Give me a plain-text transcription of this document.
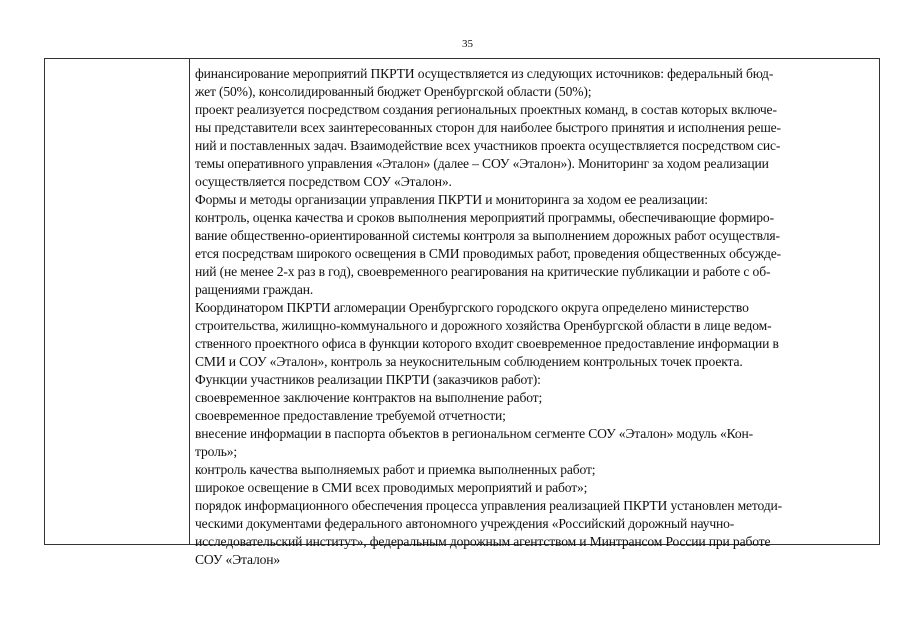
35
финансирование мероприятий ПКРТИ осуществляется из следующих источников: федеральный бюд-
жет (50%), консолидированный бюджет Оренбургской области (50%);
проект реализуется посредством создания региональных проектных команд, в состав которых включе-
ны представители всех заинтересованных сторон для наиболее быстрого принятия и исполнения реше-
ний и поставленных задач. Взаимодействие всех участников проекта осуществляется посредством сис-
темы оперативного управления «Эталон» (далее – СОУ «Эталон»). Мониторинг за ходом реализации
осуществляется посредством СОУ «Эталон».
Формы и методы организации управления ПКРТИ и мониторинга за ходом ее реализации:
контроль, оценка качества и сроков выполнения мероприятий программы, обеспечивающие формиро-
вание общественно-ориентированной системы контроля за выполнением дорожных работ осуществля-
ется посредствам широкого освещения в СМИ проводимых работ, проведения общественных обсужде-
ний (не менее 2-х раз в год), своевременного реагирования на критические публикации и работе с об-
ращениями граждан.
Координатором ПКРТИ агломерации Оренбургского городского округа определено министерство
строительства, жилищно-коммунального и дорожного хозяйства Оренбургской области в лице ведом-
ственного проектного офиса в функции которого входит своевременное предоставление информации в
СМИ и СОУ «Эталон», контроль за неукоснительным соблюдением контрольных точек проекта.
Функции участников реализации ПКРТИ (заказчиков работ):
своевременное заключение контрактов на выполнение работ;
своевременное предоставление требуемой отчетности;
внесение информации в паспорта объектов в региональном сегменте СОУ «Эталон» модуль «Кон-
троль»;
контроль качества выполняемых работ и приемка выполненных работ;
широкое освещение в СМИ всех проводимых мероприятий и работ»;
порядок информационного обеспечения процесса управления реализацией ПКРТИ установлен методи-
ческими документами федерального автономного учреждения «Российский дорожный научно-
исследовательский институт», федеральным дорожным агентством и Минтрансом России при работе
СОУ «Эталон»
